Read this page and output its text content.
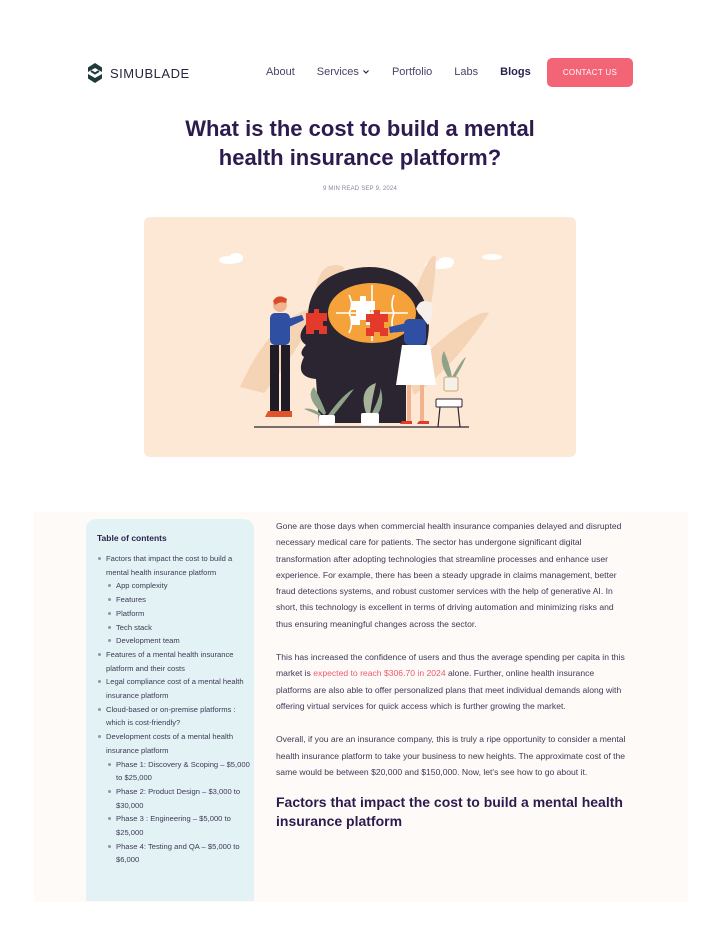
SIMUBLADE	About Services	Portfolio Labs Blogs	CONTACT US
What is the cost to build a mental
health insurance platform?
9 MIN READ SEP 9, 2024
Table of contents
Factors that impact the cost to build a mental health insurance platform
App complexity
Features
Platform
Tech stack
Development team
Features of a mental health insurance platform and their costs
Legal compliance cost of a mental health insurance platform
Cloud-based or on-premise platforms : which is cost-friendly?
Development costs of a mental health insurance platform
Phase 1: Discovery & Scoping – $5,000 to $25,000
Phase 2: Product Design – $3,000 to $30,000
Phase 3 : Engineering – $5,000 to $25,000
Phase 4: Testing and QA – $5,000 to $6,000

Gone are those days when commercial health insurance companies delayed and disrupted necessary medical care for patients. The sector has undergone significant digital transformation after adopting technologies that streamline processes and enhance user experience. For example, there has been a steady upgrade in claims management, better fraud detections systems, and robust customer services with the help of generative AI. In short, this technology is excellent in terms of driving automation and minimizing risks and thus ensuring meaningful changes across the sector.

This has increased the confidence of users and thus the average spending per capita in this market is expected to reach $306.70 in 2024 alone. Further, online health insurance platforms are also able to offer personalized plans that meet individual demands along with offering virtual services for quick access which is further growing the market.

Overall, if you are an insurance company, this is truly a ripe opportunity to consider a mental health insurance platform to take your business to new heights. The approximate cost of the same would be between $20,000 and $150,000. Now, let's see how to go about it.

Factors that impact the cost to build a mental health insurance platform
